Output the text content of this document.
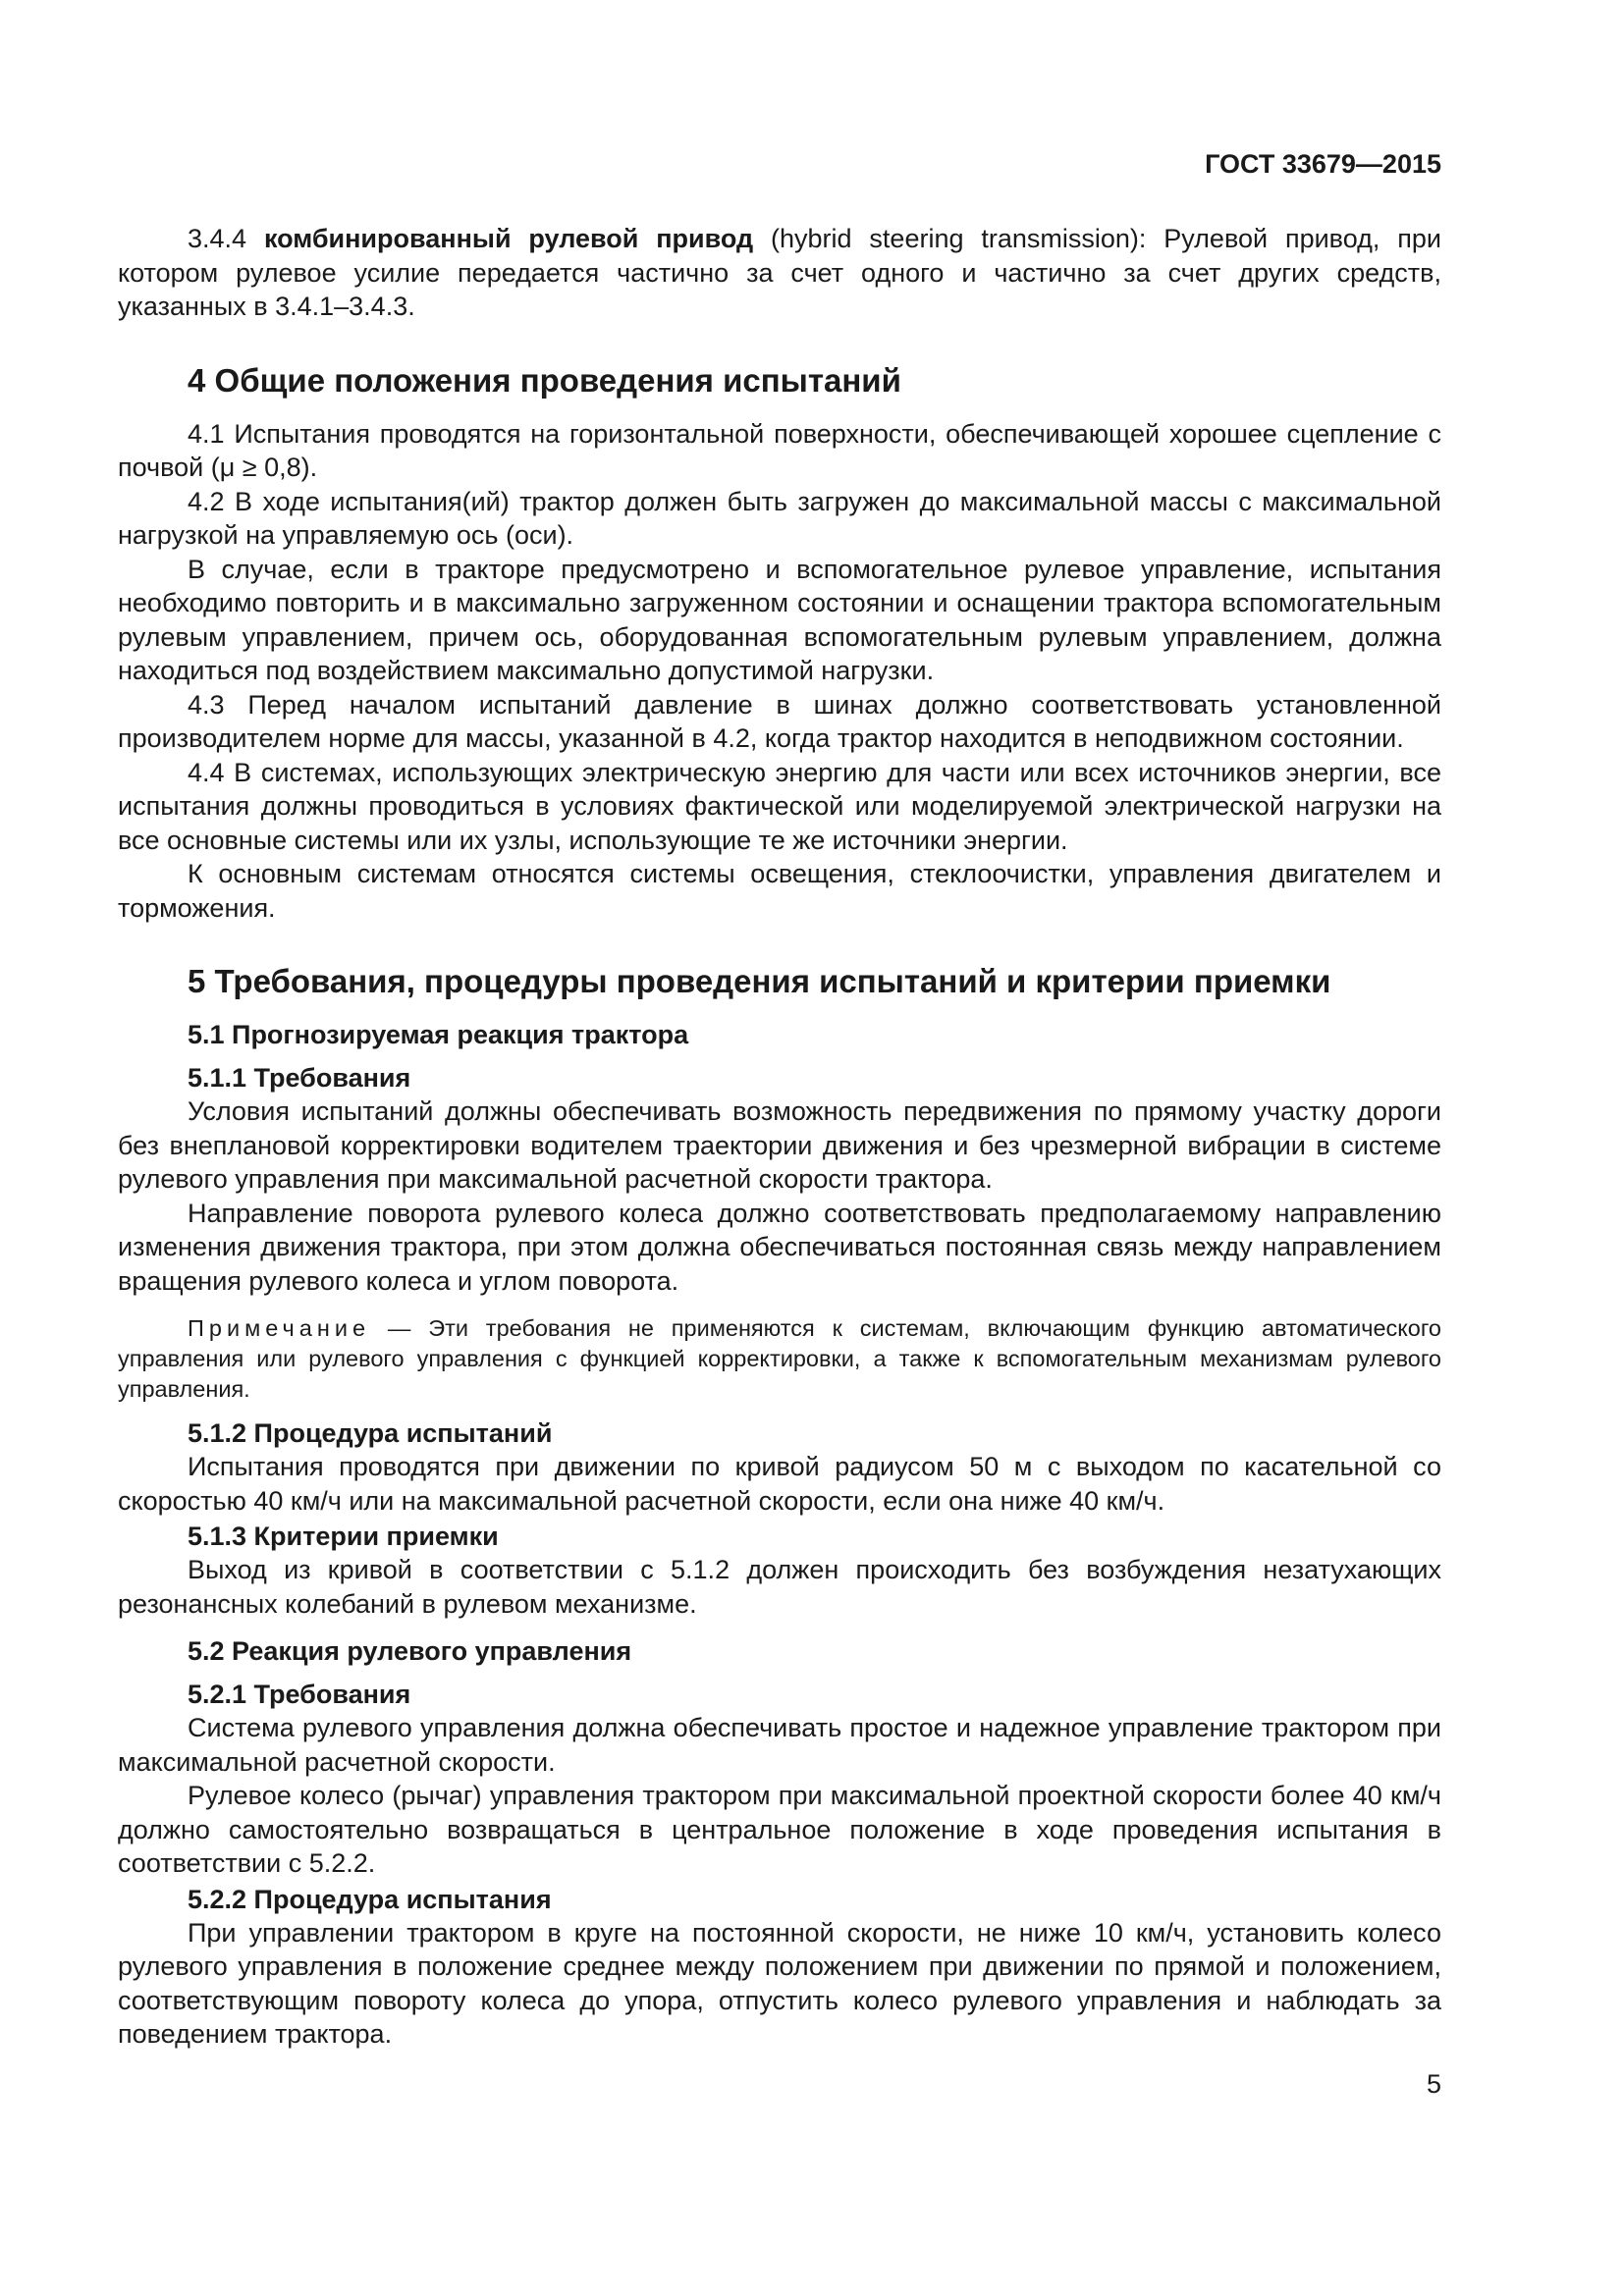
ГОСТ 33679—2015

3.4.4 комбинированный рулевой привод (hybrid steering transmission): Рулевой привод, при котором рулевое усилие передается частично за счет одного и частично за счет других средств, указанных в 3.4.1–3.4.3.

4 Общие положения проведения испытаний

4.1 Испытания проводятся на горизонтальной поверхности, обеспечивающей хорошее сцепление с почвой (μ ≥ 0,8).

4.2 В ходе испытания(ий) трактор должен быть загружен до максимальной массы с максимальной нагрузкой на управляемую ось (оси).

В случае, если в тракторе предусмотрено и вспомогательное рулевое управление, испытания необходимо повторить и в максимально загруженном состоянии и оснащении трактора вспомогательным рулевым управлением, причем ось, оборудованная вспомогательным рулевым управлением, должна находиться под воздействием максимально допустимой нагрузки.

4.3 Перед началом испытаний давление в шинах должно соответствовать установленной производителем норме для массы, указанной в 4.2, когда трактор находится в неподвижном состоянии.

4.4 В системах, использующих электрическую энергию для части или всех источников энергии, все испытания должны проводиться в условиях фактической или моделируемой электрической нагрузки на все основные системы или их узлы, использующие те же источники энергии.

К основным системам относятся системы освещения, стеклоочистки, управления двигателем и торможения.

5 Требования, процедуры проведения испытаний и критерии приемки
5.1 Прогнозируемая реакция трактора
5.1.1 Требования

Условия испытаний должны обеспечивать возможность передвижения по прямому участку дороги без внеплановой корректировки водителем траектории движения и без чрезмерной вибрации в системе рулевого управления при максимальной расчетной скорости трактора.

Направление поворота рулевого колеса должно соответствовать предполагаемому направлению изменения движения трактора, при этом должна обеспечиваться постоянная связь между направлением вращения рулевого колеса и углом поворота.

Примечание — Эти требования не применяются к системам, включающим функцию автоматического управления или рулевого управления с функцией корректировки, а также к вспомогательным механизмам рулевого управления.
5.1.2 Процедура испытаний

Испытания проводятся при движении по кривой радиусом 50 м с выходом по касательной со скоростью 40 км/ч или на максимальной расчетной скорости, если она ниже 40 км/ч.

5.1.3 Критерии приемки

Выход из кривой в соответствии с 5.1.2 должен происходить без возбуждения незатухающих резонансных колебаний в рулевом механизме.

5.2 Реакция рулевого управления
5.2.1 Требования

Система рулевого управления должна обеспечивать простое и надежное управление трактором при максимальной расчетной скорости.

Рулевое колесо (рычаг) управления трактором при максимальной проектной скорости более 40 км/ч должно самостоятельно возвращаться в центральное положение в ходе проведения испытания в соответствии с 5.2.2.

5.2.2 Процедура испытания

При управлении трактором в круге на постоянной скорости, не ниже 10 км/ч, установить колесо рулевого управления в положение среднее между положением при движении по прямой и положением, соответствующим повороту колеса до упора, отпустить колесо рулевого управления и наблюдать за поведением трактора.

5
